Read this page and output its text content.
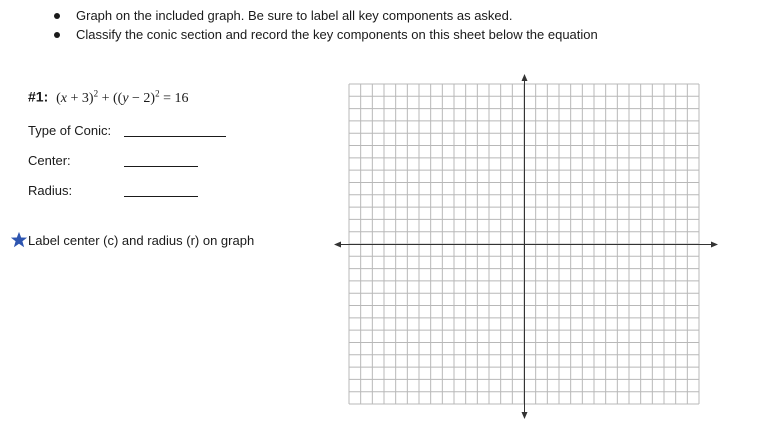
Graph on the included graph. Be sure to label all key components as asked.
Classify the conic section and record the key components on this sheet below the equation
#1: $(x + 3)^2 + ((y - 2)^2 = 16$
Type of Conic:
Center:
Radius:
Label center (c) and radius (r) on graph
